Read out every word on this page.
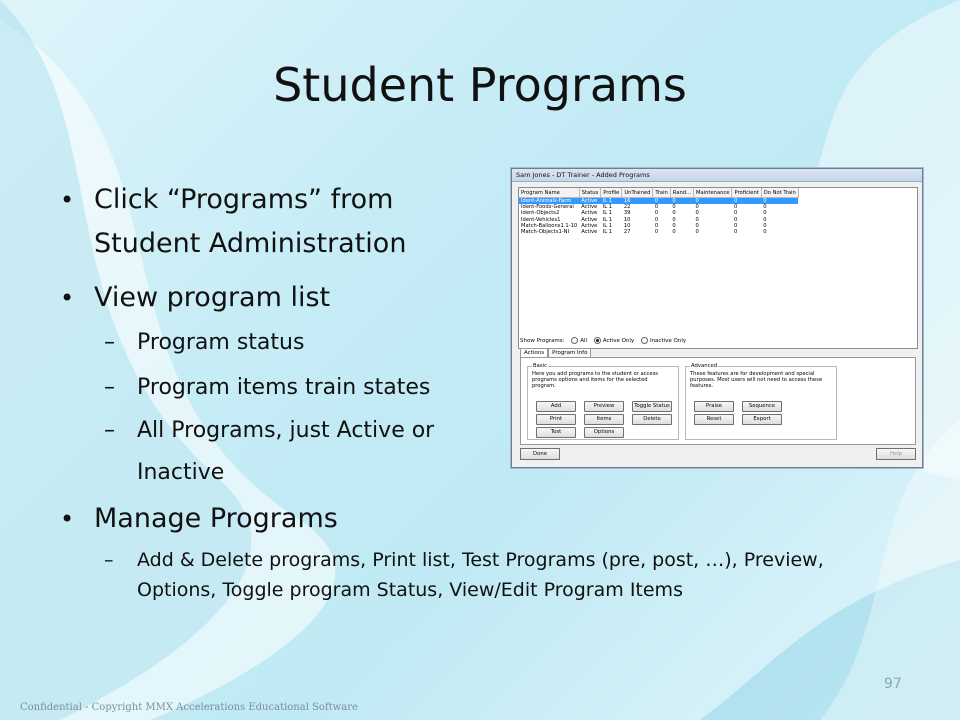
Student Programs
• Click “Programs” from Student Administration
• View program list
– Program status
– Program items train states
– All Programs, just Active or Inactive
• Manage Programs
– Add & Delete programs, Print list, Test Programs (pre, post, …), Preview, Options, Toggle program Status, View/Edit Program Items
Sam Jones - DT Trainer - Added Programs
Program Name	Status	Profile	UnTrained	Train	Rand...	Maintenance	Proficient	Do Not Train
Ident-Animals-Farm	Active	IL 1	16	0	0	0	0	0
Ident-Foods-General	Active	IL 1	22	0	0	0	0	0
Ident-Objects2	Active	IL 1	39	0	0	0	0	0
Ident-Vehicles1	Active	IL 1	10	0	0	0	0	0
Match-Balloons1 1-10	Active	IL 1	10	0	0	0	0	0
Match-Objects1-NI	Active	IL 1	27	0	0	0	0	0
Show Programs:	All	Active Only	Inactive Only
Actions Program Info
Basic
Here you add programs to the student or access programs options and items for the selected program.
Add	Preview	Toggle Status
Print	Items	Delete
Test	Options
Advanced
These features are for development and special purposes. Most users will not need to access these features.
Praise	Sequence
Reset	Export
Done	Help
97
Confidential - Copyright MMX Accelerations Educational Software
